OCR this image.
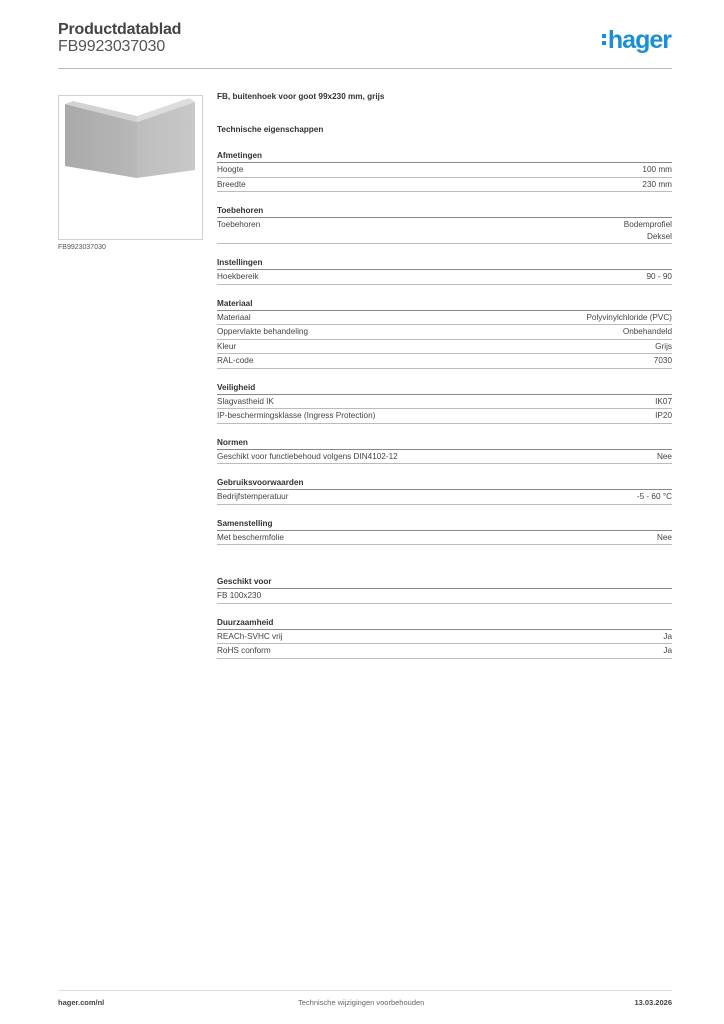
Productdatablad
FB9923037030	hager
FB9923037030
FB, buitenhoek voor goot 99x230 mm, grijs
Technische eigenschappen
Afmetingen
Hoogte	100 mm
Breedte	230 mm
Toebehoren
Toebehoren	Bodemprofiel
Deksel
Instellingen
Hoekbereik	90 - 90
Materiaal
Materiaal	Polyvinylchloride (PVC)
Oppervlakte behandeling	Onbehandeld
Kleur	Grijs
RAL-code	7030
Veiligheid
Slagvastheid IK	IK07
IP-beschermingsklasse (Ingress Protection)	IP20
Normen
Geschikt voor functiebehoud volgens DIN4102-12	Nee
Gebruiksvoorwaarden
Bedrijfstemperatuur	-5 - 60 °C
Samenstelling
Met beschermfolie	Nee
Geschikt voor
FB 100x230
Duurzaamheid
REACh-SVHC vrij	Ja
RoHS conform	Ja
hager.com/nl	Technische wijzigingen voorbehouden	13.03.2026
